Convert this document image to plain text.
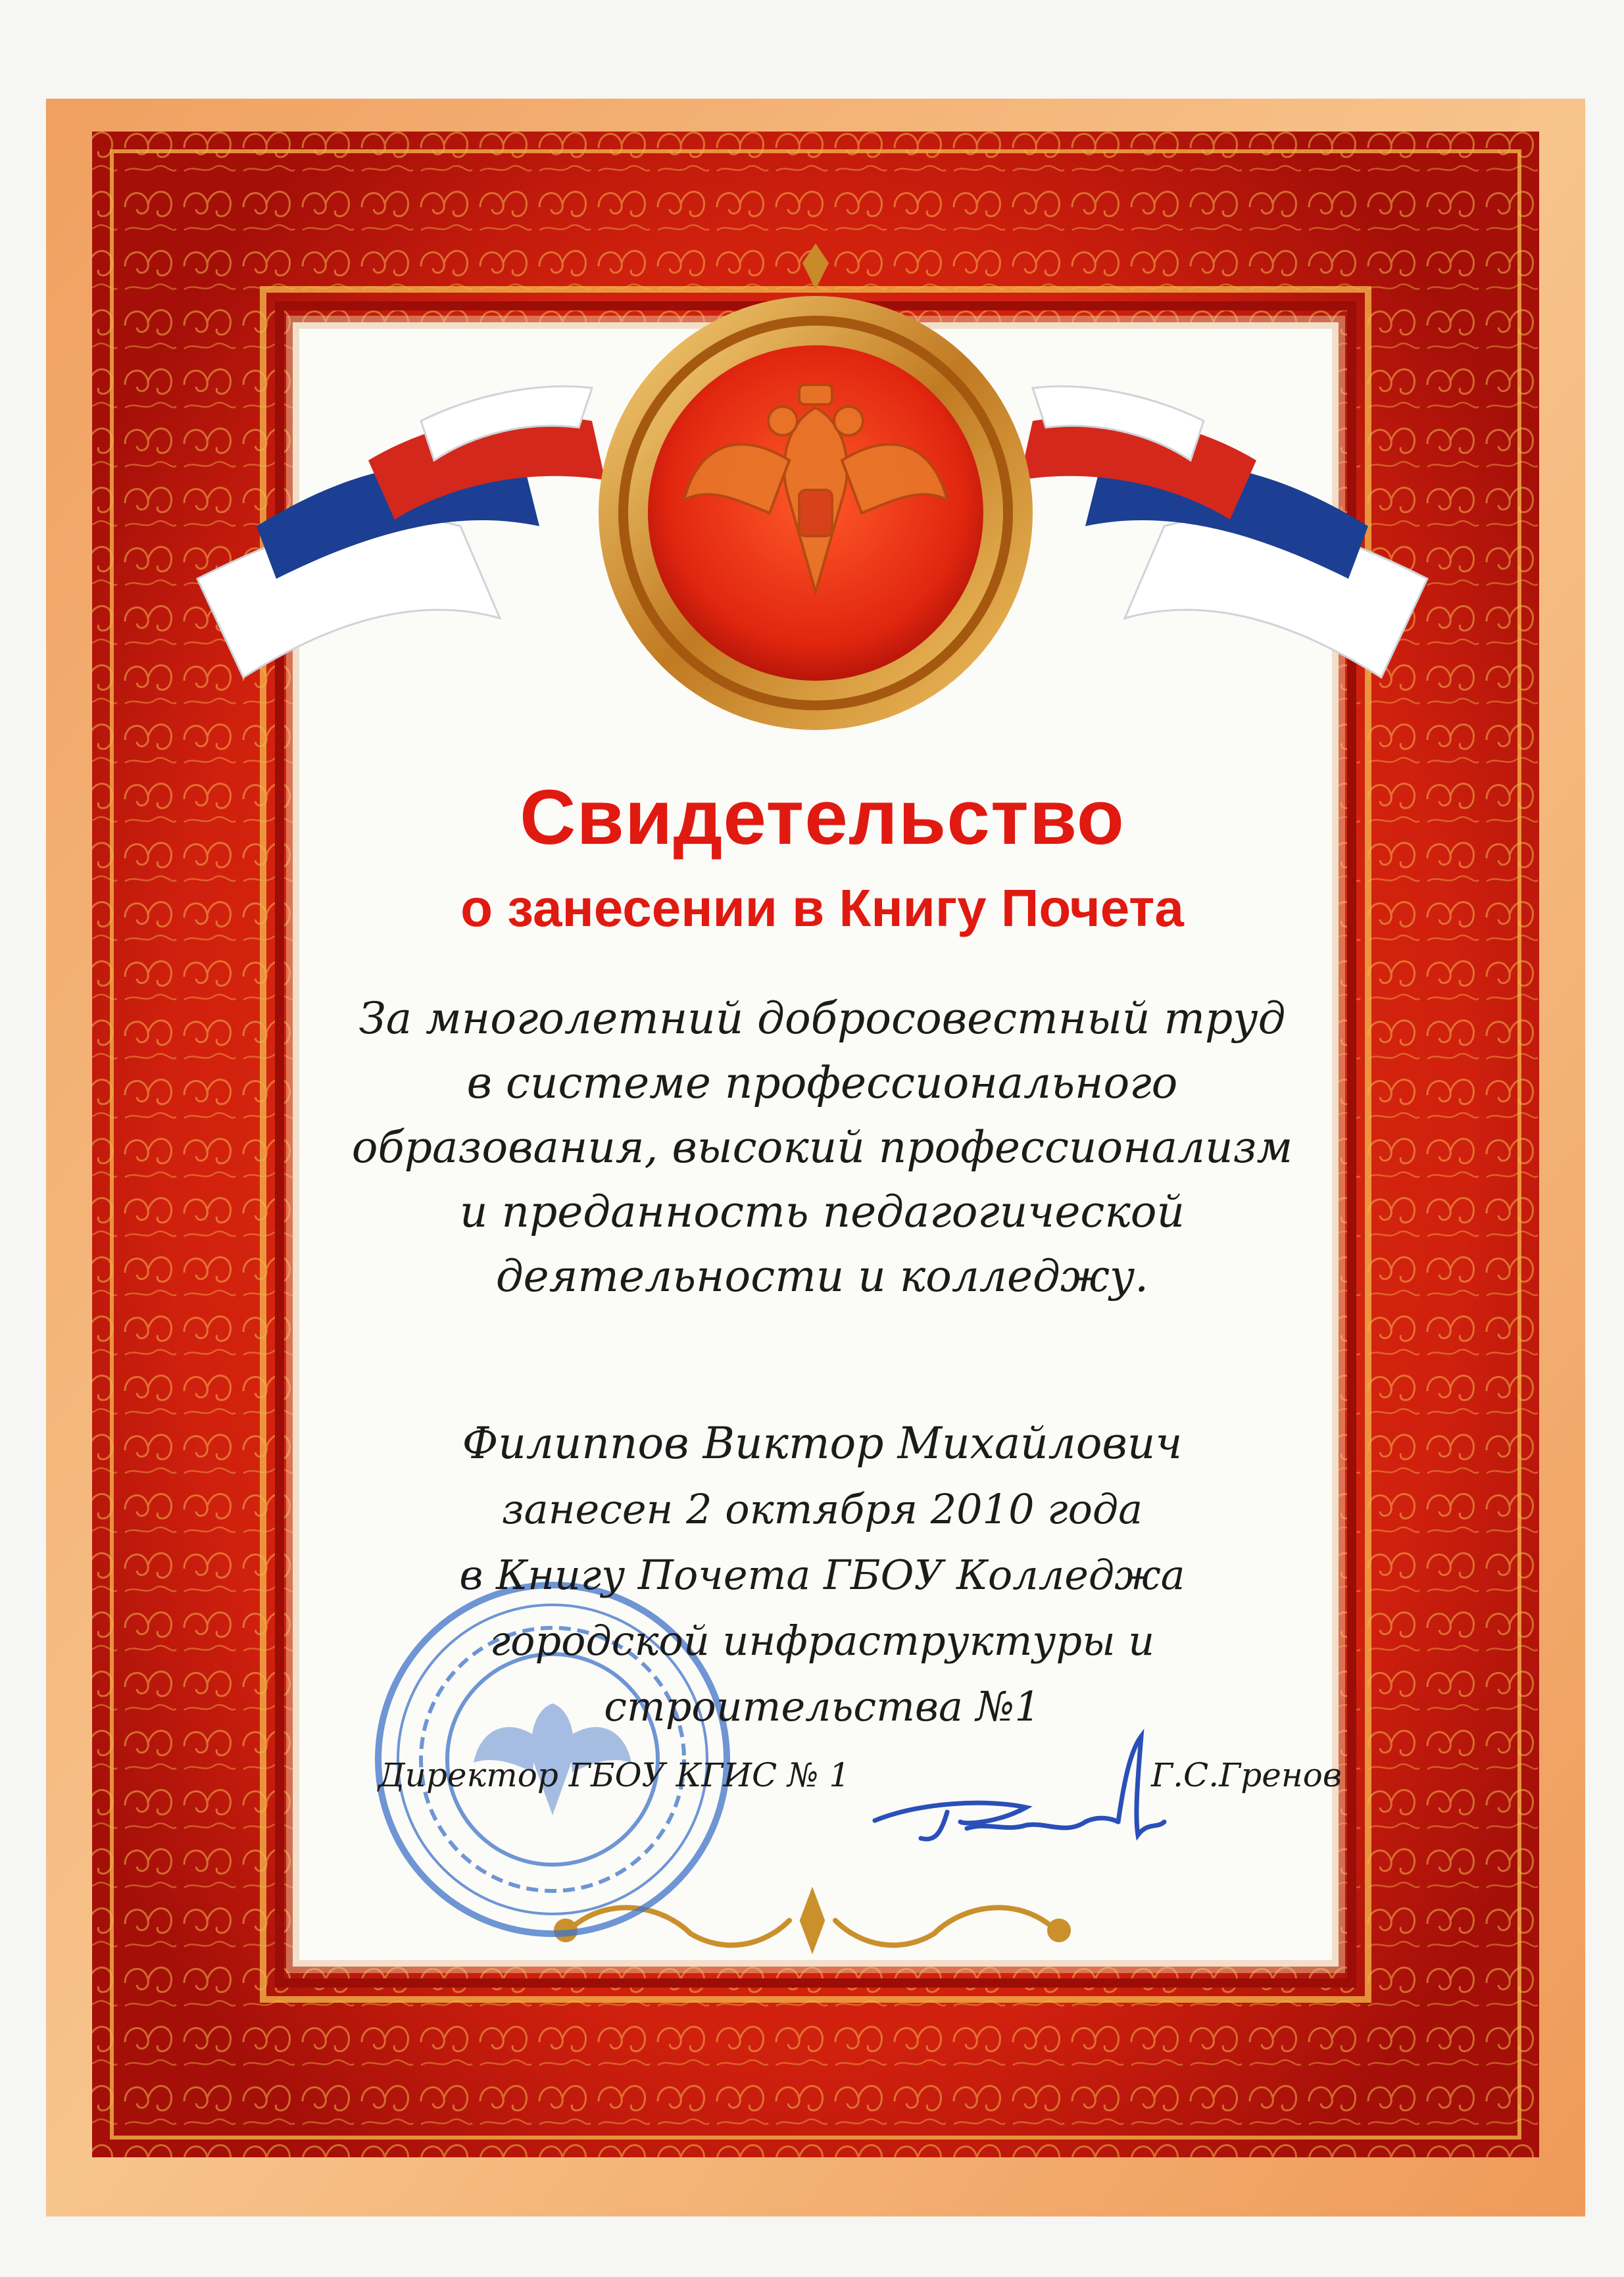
Свидетельство
о занесении в Книгу Почета

За многолетний добросовестный труд
в системе профессионального
образования, высокий профессионализм
и преданность педагогической
деятельности и колледжу.

Филиппов Виктор Михайлович
занесен 2 октября 2010 года
в Книгу Почета ГБОУ Колледжа
городской инфраструктуры и
строительства №1

Директор ГБОУ КГИС № 1	Г.С.Гренов
